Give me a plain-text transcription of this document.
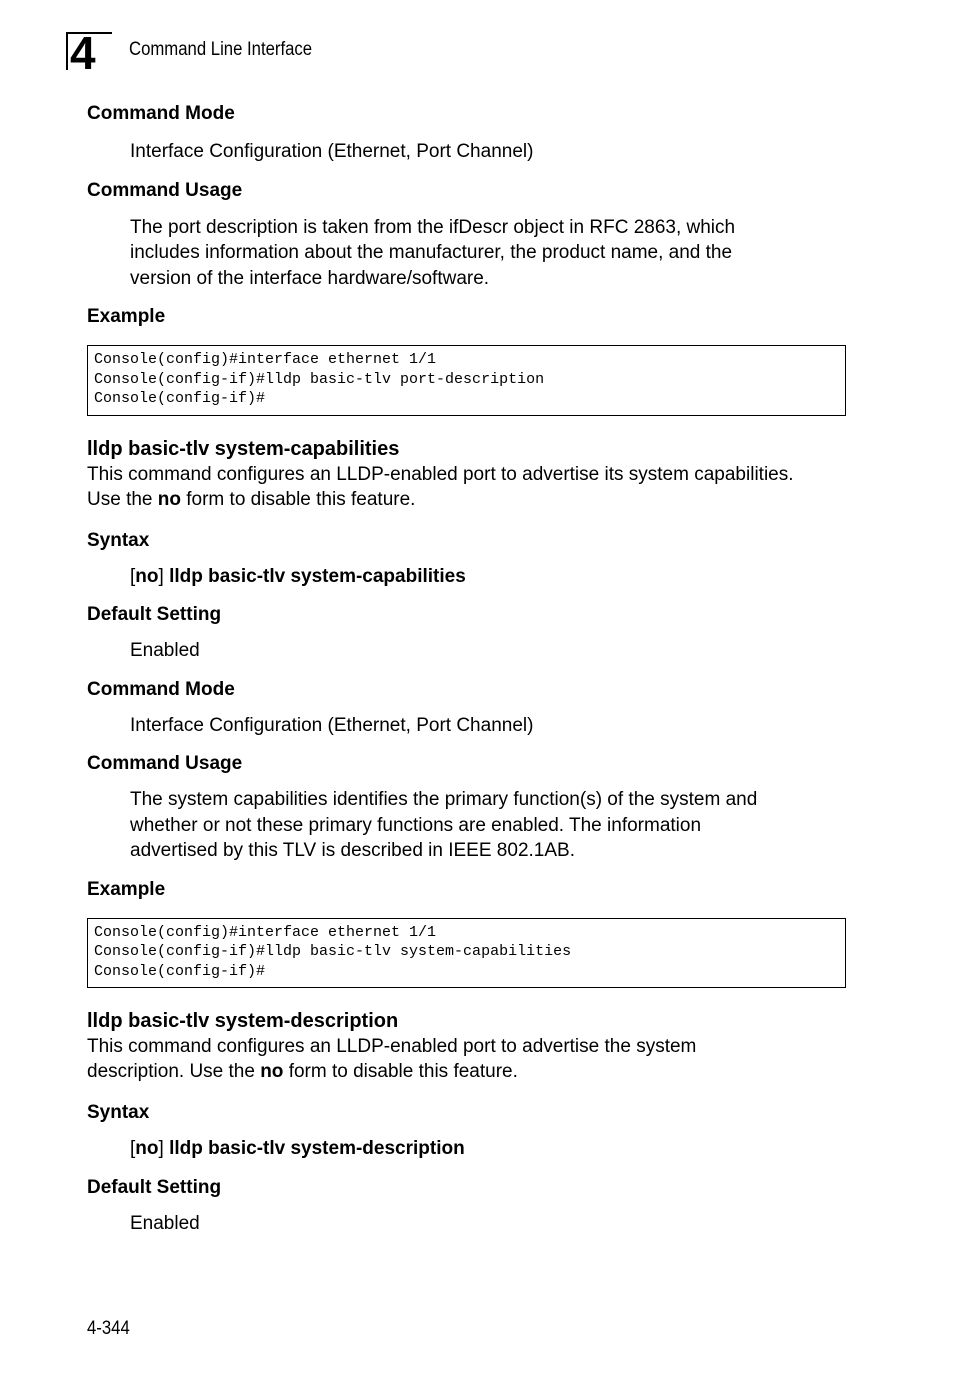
4 Command Line Interface

Command Mode

Interface Configuration (Ethernet, Port Channel)

Command Usage

The port description is taken from the ifDescr object in RFC 2863, which
includes information about the manufacturer, the product name, and the
version of the interface hardware/software.

Example

Console(config)#interface ethernet 1/1
Console(config-if)#lldp basic-tlv port-description
Console(config-if)#

lldp basic-tlv system-capabilities

This command configures an LLDP-enabled port to advertise its system capabilities.
Use the no form to disable this feature.

Syntax

[no] lldp basic-tlv system-capabilities

Default Setting

Enabled

Command Mode

Interface Configuration (Ethernet, Port Channel)

Command Usage

The system capabilities identifies the primary function(s) of the system and
whether or not these primary functions are enabled. The information
advertised by this TLV is described in IEEE 802.1AB.

Example

Console(config)#interface ethernet 1/1
Console(config-if)#lldp basic-tlv system-capabilities
Console(config-if)#

lldp basic-tlv system-description

This command configures an LLDP-enabled port to advertise the system
description. Use the no form to disable this feature.

Syntax

[no] lldp basic-tlv system-description

Default Setting

Enabled
4-344
